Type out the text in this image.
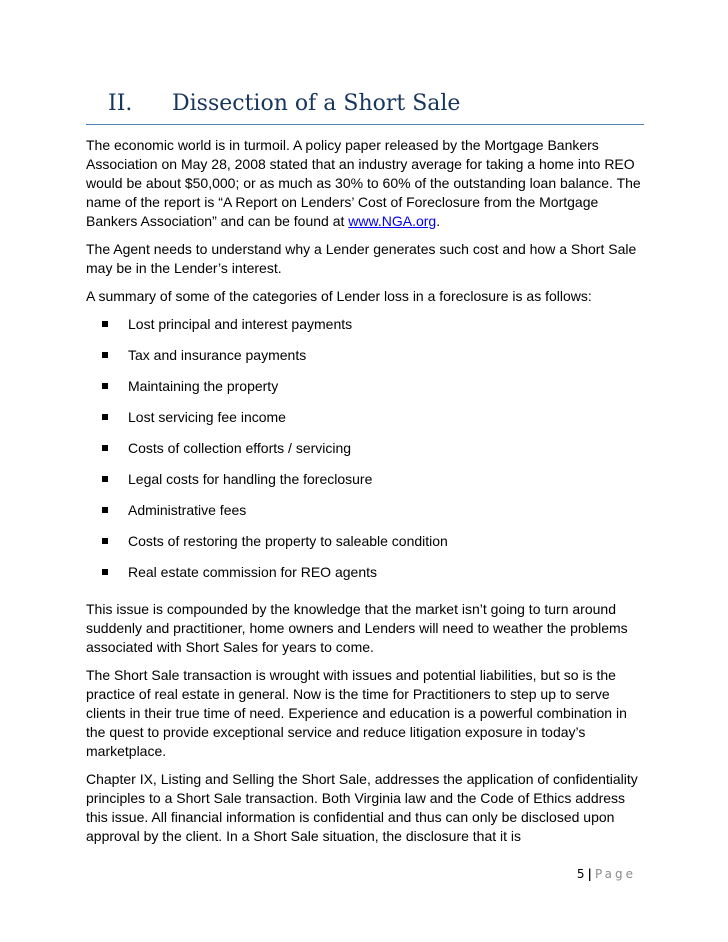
II. Dissection of a Short Sale

The economic world is in turmoil. A policy paper released by the Mortgage Bankers Association on May 28, 2008 stated that an industry average for taking a home into REO would be about $50,000; or as much as 30% to 60% of the outstanding loan balance. The name of the report is “A Report on Lenders’ Cost of Foreclosure from the Mortgage Bankers Association” and can be found at www.NGA.org.

The Agent needs to understand why a Lender generates such cost and how a Short Sale may be in the Lender’s interest.

A summary of some of the categories of Lender loss in a foreclosure is as follows:

Lost principal and interest payments
Tax and insurance payments
Maintaining the property
Lost servicing fee income
Costs of collection efforts / servicing
Legal costs for handling the foreclosure
Administrative fees
Costs of restoring the property to saleable condition
Real estate commission for REO agents

This issue is compounded by the knowledge that the market isn’t going to turn around suddenly and practitioner, home owners and Lenders will need to weather the problems associated with Short Sales for years to come.

The Short Sale transaction is wrought with issues and potential liabilities, but so is the practice of real estate in general. Now is the time for Practitioners to step up to serve clients in their true time of need. Experience and education is a powerful combination in the quest to provide exceptional service and reduce litigation exposure in today’s marketplace.

Chapter IX, Listing and Selling the Short Sale, addresses the application of confidentiality principles to a Short Sale transaction. Both Virginia law and the Code of Ethics address this issue. All financial information is confidential and thus can only be disclosed upon approval by the client. In a Short Sale situation, the disclosure that it is

5 | Page
